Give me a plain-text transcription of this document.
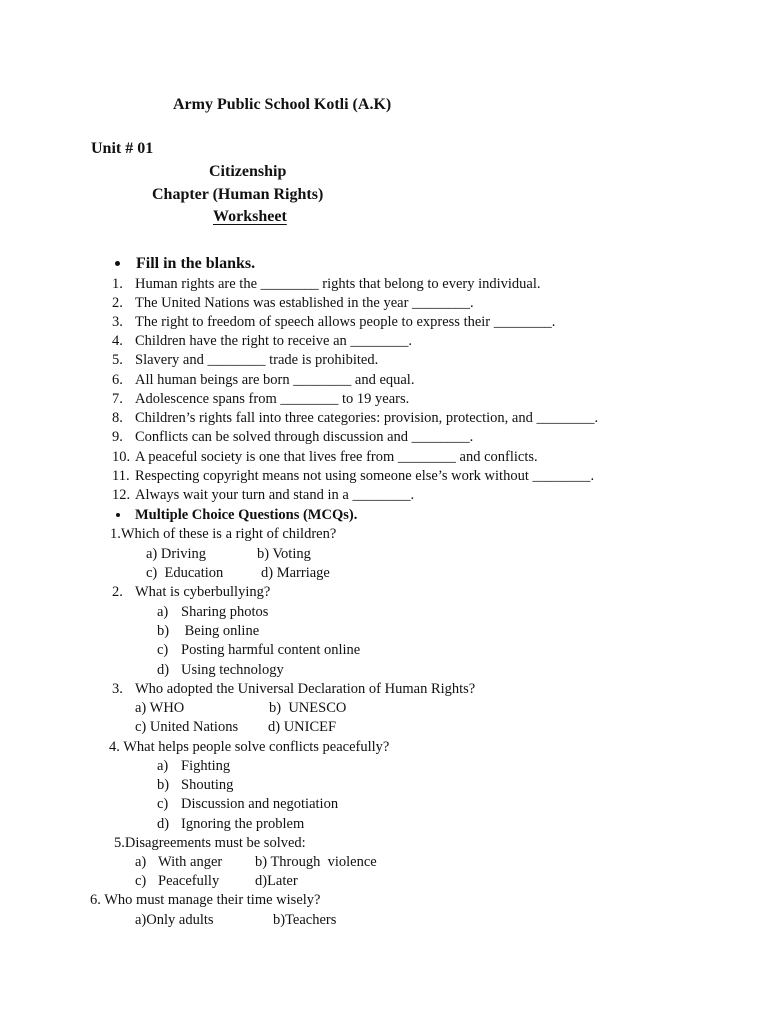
Army Public School Kotli (A.K)
Unit # 01
Citizenship
Chapter (Human Rights)
Worksheet
Fill in the blanks.
1. Human rights are the ________ rights that belong to every individual.
2. The United Nations was established in the year ________.
3. The right to freedom of speech allows people to express their ________.
4. Children have the right to receive an ________.
5. Slavery and ________ trade is prohibited.
6. All human beings are born ________ and equal.
7. Adolescence spans from ________ to 19 years.
8. Children’s rights fall into three categories: provision, protection, and ________.
9. Conflicts can be solved through discussion and ________.
10. A peaceful society is one that lives free from ________ and conflicts.
11. Respecting copyright means not using someone else’s work without ________.
12. Always wait your turn and stand in a ________.
Multiple Choice Questions (MCQs).
1.Which of these is a right of children?
a) Driving	b) Voting
c)  Education	d) Marriage
2. What is cyberbullying?
a) Sharing photos
b) Being online
c) Posting harmful content online
d) Using technology
3. Who adopted the Universal Declaration of Human Rights?
a) WHO	b)  UNESCO
c) United Nations d) UNICEF
4. What helps people solve conflicts peacefully?
a) Fighting
b) Shouting
c) Discussion and negotiation
d) Ignoring the problem
5.Disagreements must be solved:
a) With anger b) Through  violence
c) Peacefully d)Later
6. Who must manage their time wisely?
a)Only adults	b)Teachers
